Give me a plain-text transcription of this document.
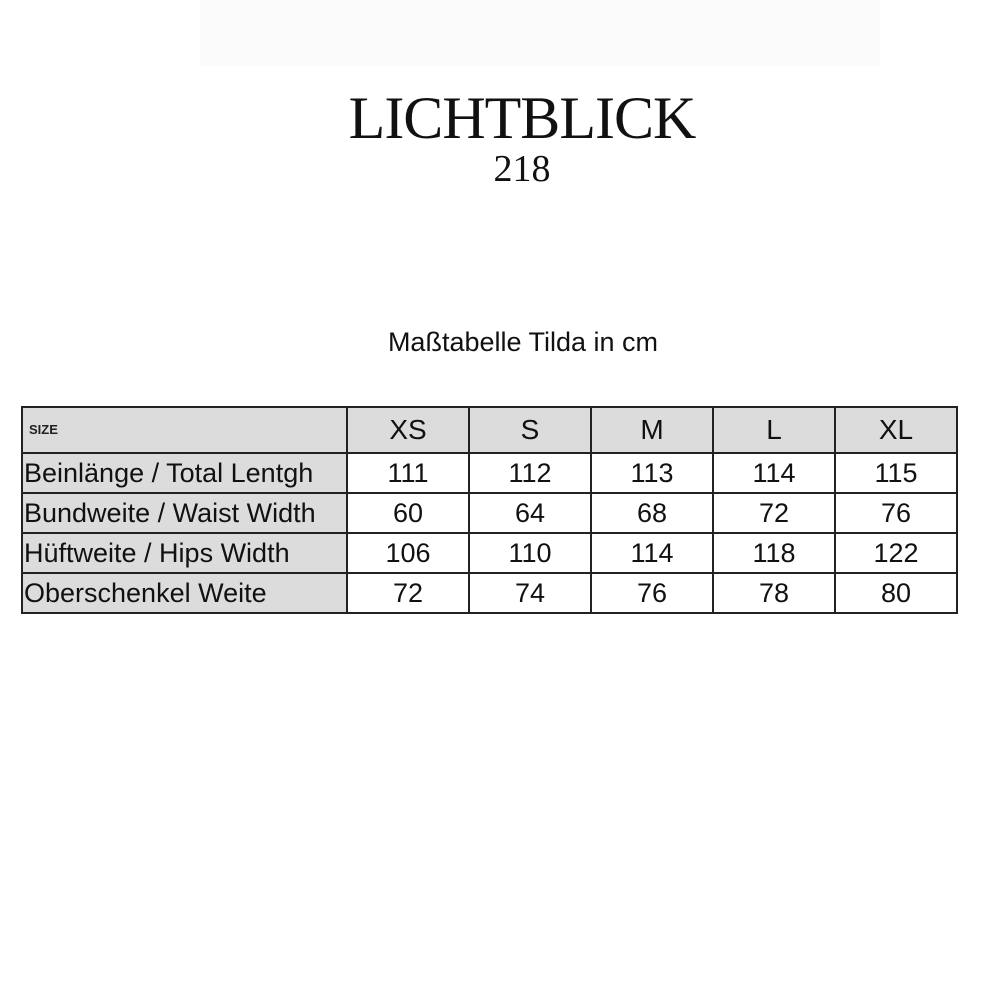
LICHTBLICK
218
Maßtabelle Tilda in cm
SIZE	XS	S	M	L	XL
Beinlänge / Total Lentgh	111	112	113	114	115
Bundweite / Waist Width	60	64	68	72	76
Hüftweite / Hips Width	106	110	114	118	122
Oberschenkel Weite	72	74	76	78	80
